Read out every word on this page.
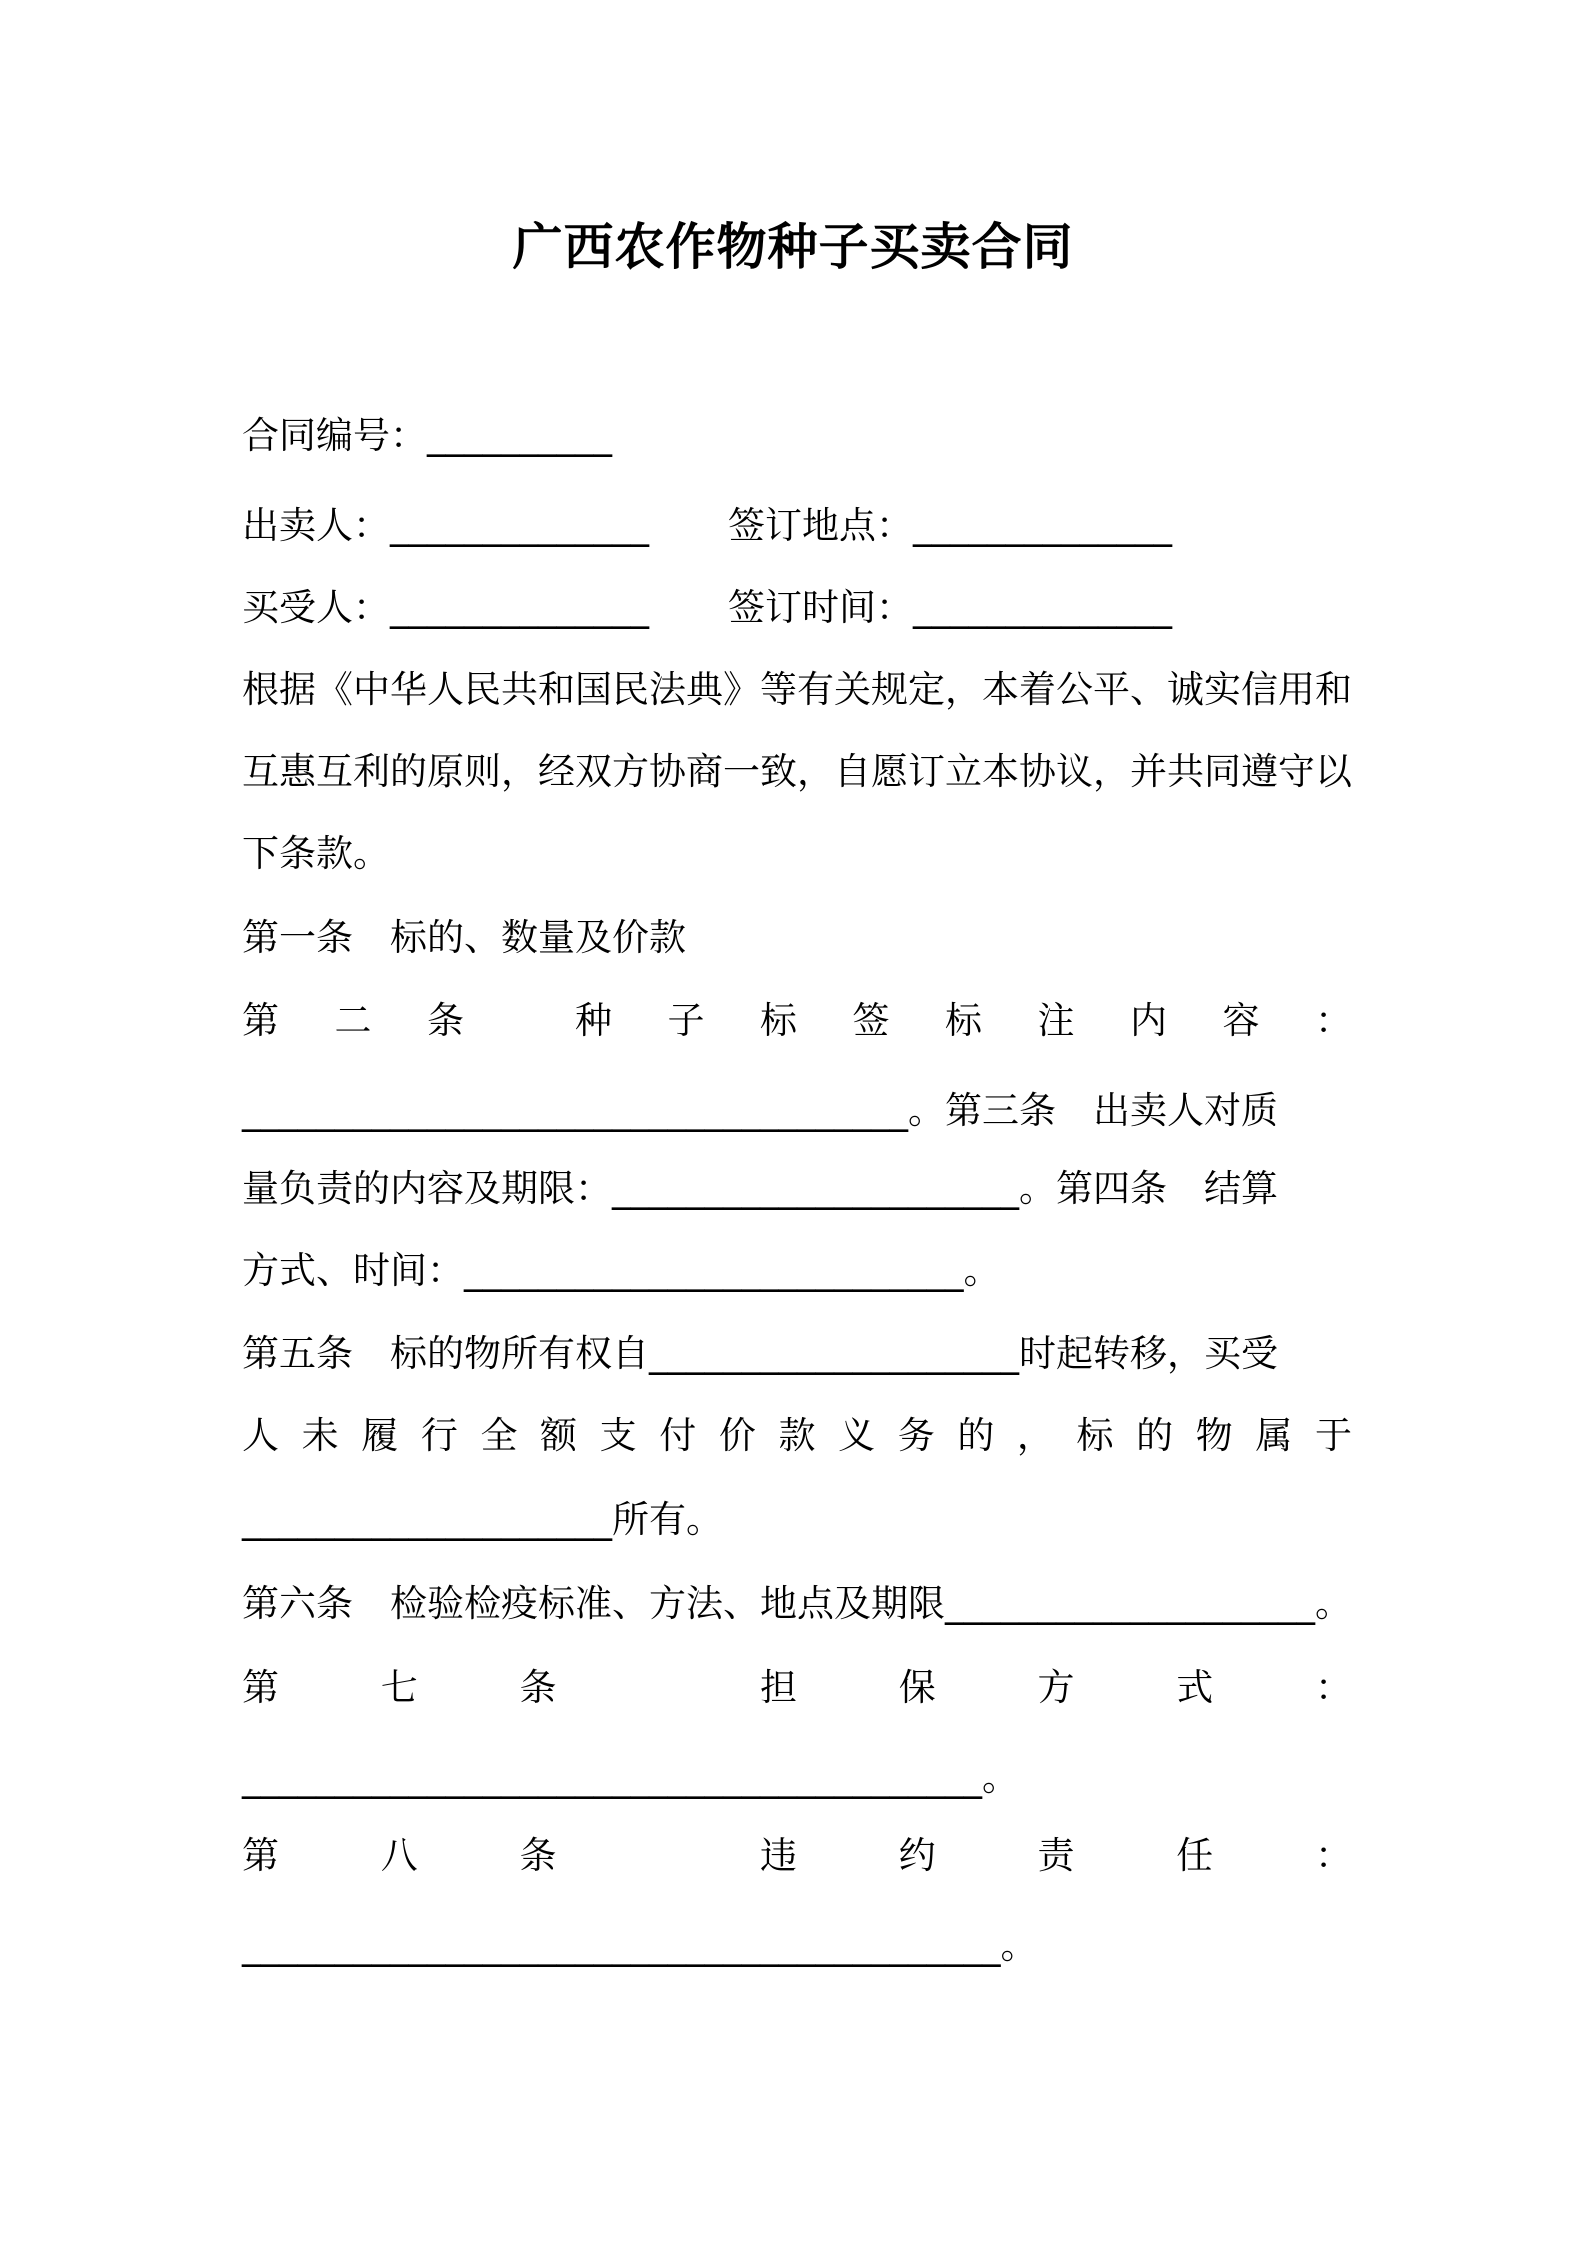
广西农作物种子买卖合同
合同编号：__________
出卖人：______________ 签订地点：______________
买受人：______________ 签订时间：______________
根据《中华人民共和国民法典》等有关规定，本着公平、诚实信用和
互惠互利的原则，经双方协商一致，自愿订立本协议，并共同遵守以
下条款。
第一条　标的、数量及价款
第 二 条	种 子 标 签 标 注 内 容 ：
____________________________________。第三条　出卖人对质
量负责的内容及期限：______________________。第四条　结算
方式、时间：___________________________。
第五条　标的物所有权自____________________时起转移，买受
人 未 履 行 全 额 支 付 价 款 义 务 的 ， 标 的 物 属 于
____________________所有。
第六条　检验检疫标准、方法、地点及期限____________________。
第	七	条	担	保	方	式	：
________________________________________。
第	八	条	违	约	责	任	：
_________________________________________。
